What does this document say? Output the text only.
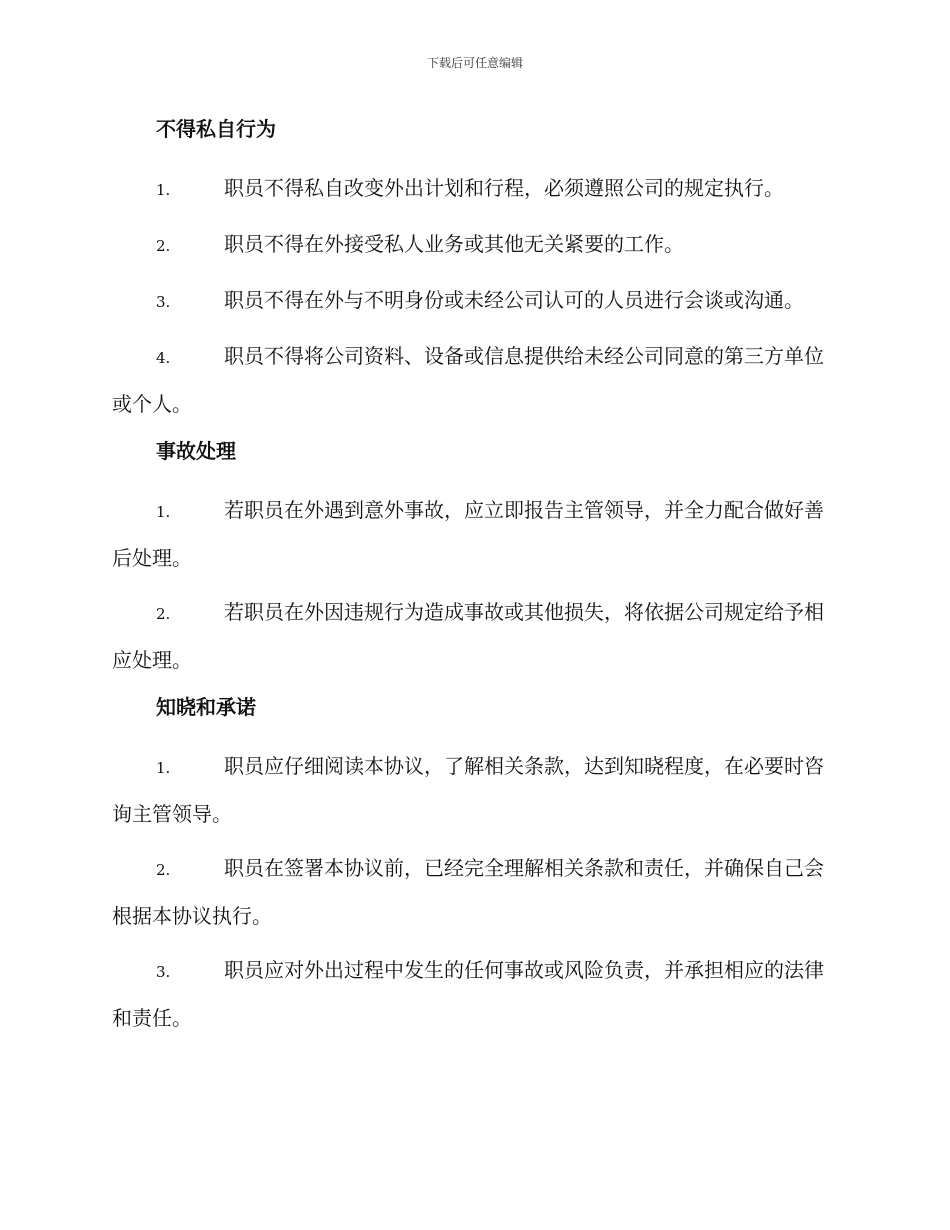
下载后可任意编辑
不得私自行为

1.	职员不得私自改变外出计划和行程，必须遵照公司的规定执行。

2.	职员不得在外接受私人业务或其他无关紧要的工作。

3.	职员不得在外与不明身份或未经公司认可的人员进行会谈或沟通。

4.	职员不得将公司资料、设备或信息提供给未经公司同意的第三方单位或个人。

事故处理

1.	若职员在外遇到意外事故，应立即报告主管领导，并全力配合做好善后处理。

2.	若职员在外因违规行为造成事故或其他损失，将依据公司规定给予相应处理。

知晓和承诺

1.	职员应仔细阅读本协议，了解相关条款，达到知晓程度，在必要时咨询主管领导。

2.	职员在签署本协议前，已经完全理解相关条款和责任，并确保自己会根据本协议执行。

3.	职员应对外出过程中发生的任何事故或风险负责，并承担相应的法律和责任。
